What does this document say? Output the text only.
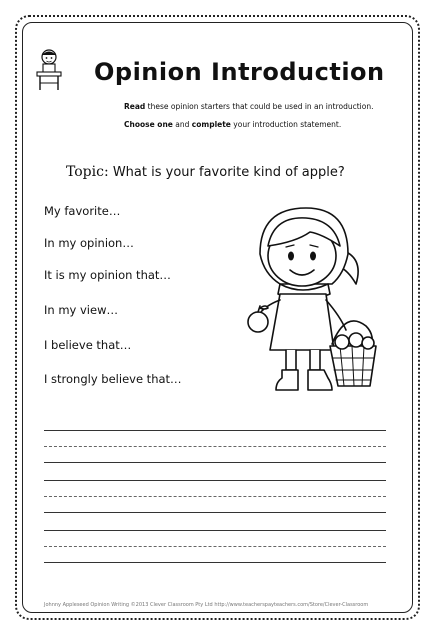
Opinion Introduction
Read these opinion starters that could be used in an introduction.
Choose one and complete your introduction statement.
Topic: What is your favorite kind of apple?
My favorite…
In my opinion…
It is my opinion that…
In my view…
I believe that…
I strongly believe that…
Johnny Appleseed Opinion Writing ©2013 Clever Classroom Pty Ltd http://www.teacherspayteachers.com/Store/Clever-Classroom
